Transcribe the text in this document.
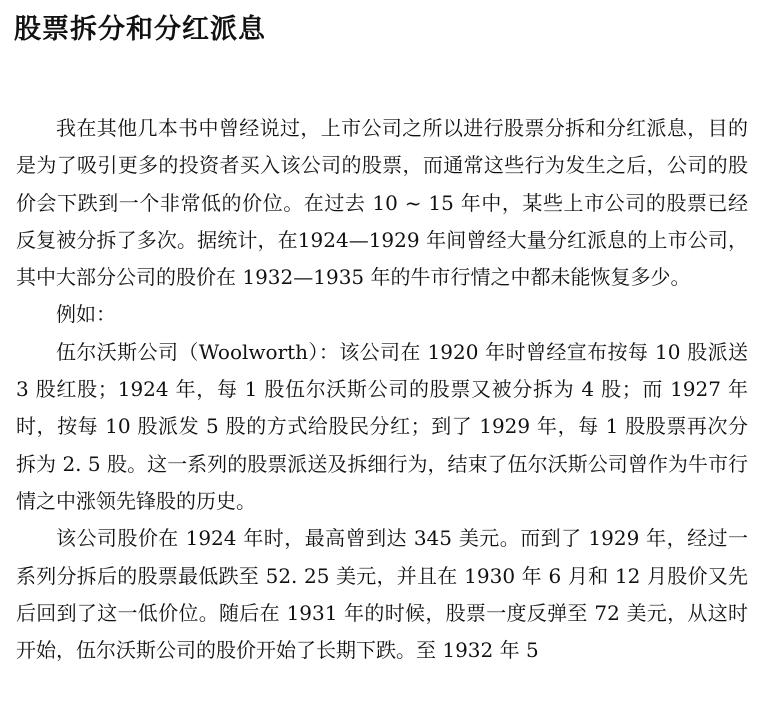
股票拆分和分红派息

我在其他几本书中曾经说过，上市公司之所以进行股票分拆和分红派息，目的是为了吸引更多的投资者买入该公司的股票，而通常这些行为发生之后，公司的股价会下跌到一个非常低的价位。在过去 10 ~ 15 年中，某些上市公司的股票已经反复被分拆了多次。据统计，在1924—1929 年间曾经大量分红派息的上市公司，其中大部分公司的股价在 1932—1935 年的牛市行情之中都未能恢复多少。

例如：

伍尔沃斯公司（Woolworth）：该公司在 1920 年时曾经宣布按每 10 股派送 3 股红股；1924 年，每 1 股伍尔沃斯公司的股票又被分拆为 4 股；而 1927 年时，按每 10 股派发 5 股的方式给股民分红；到了 1929 年，每 1 股股票再次分拆为 2. 5 股。这一系列的股票派送及拆细行为，结束了伍尔沃斯公司曾作为牛市行情之中涨领先锋股的历史。

该公司股价在 1924 年时，最高曾到达 345 美元。而到了 1929 年，经过一系列分拆后的股票最低跌至 52. 25 美元，并且在 1930 年 6 月和 12 月股价又先后回到了这一低价位。随后在 1931 年的时候，股票一度反弹至 72 美元，从这时开始，伍尔沃斯公司的股价开始了长期下跌。至 1932 年 5
